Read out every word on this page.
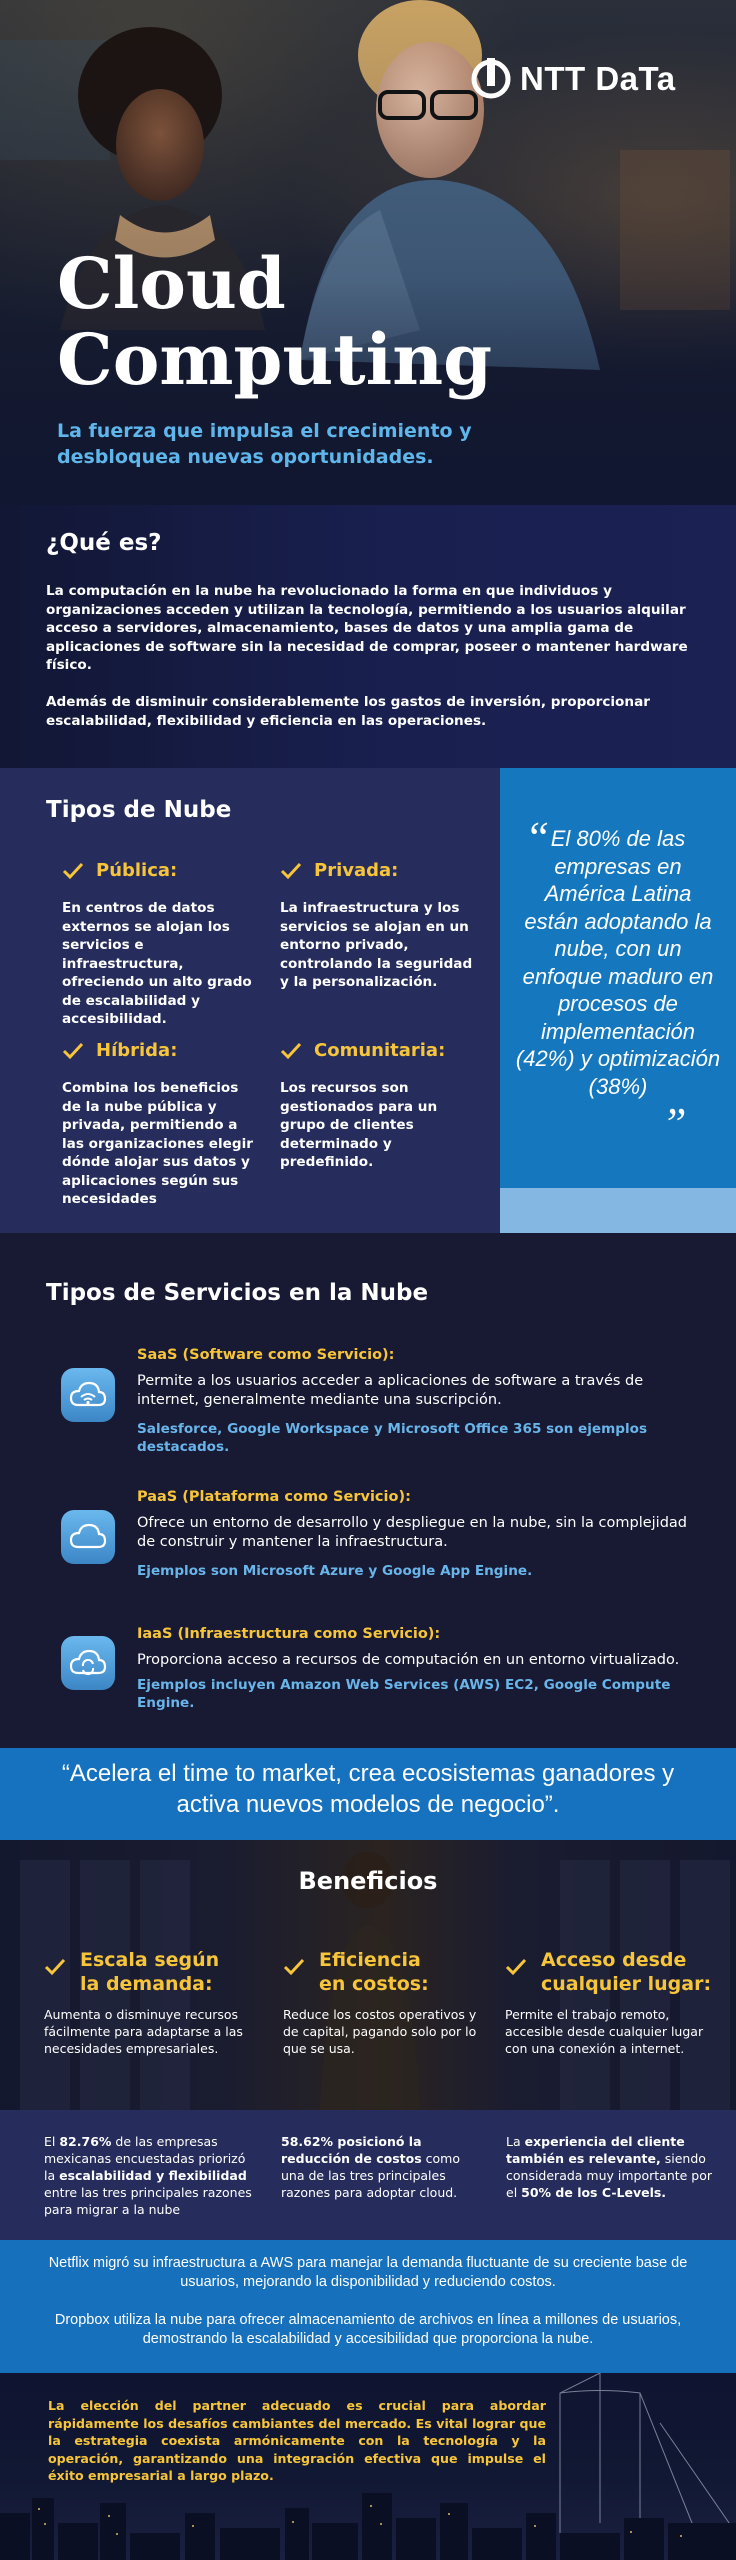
NTT DaTa
Cloud
Computing
La fuerza que impulsa el crecimiento y desbloquea nuevas oportunidades.
¿Qué es?
La computación en la nube ha revolucionado la forma en que individuos y organizaciones acceden y utilizan la tecnología, permitiendo a los usuarios alquilar acceso a servidores, almacenamiento, bases de datos y una amplia gama de aplicaciones de software sin la necesidad de comprar, poseer o mantener hardware físico.
Además de disminuir considerablemente los gastos de inversión, proporcionar escalabilidad, flexibilidad y eficiencia en las operaciones.
Tipos de Nube
Pública:
En centros de datos externos se alojan los servicios e infraestructura, ofreciendo un alto grado de escalabilidad y accesibilidad.
Privada:
La infraestructura y los servicios se alojan en un entorno privado, controlando la seguridad y la personalización.
Híbrida:
Combina los beneficios de la nube pública y privada, permitiendo a las organizaciones elegir dónde alojar sus datos y aplicaciones según sus necesidades
Comunitaria:
Los recursos son gestionados para un grupo de clientes determinado y predefinido.
“ El 80% de las empresas en América Latina están adoptando la nube, con un enfoque maduro en procesos de implementación (42%) y optimización (38%)
”
Tipos de Servicios en la Nube
SaaS (Software como Servicio):
Permite a los usuarios acceder a aplicaciones de software a través de internet, generalmente mediante una suscripción.
Salesforce, Google Workspace y Microsoft Office 365 son ejemplos destacados.
PaaS (Plataforma como Servicio):
Ofrece un entorno de desarrollo y despliegue en la nube, sin la complejidad de construir y mantener la infraestructura.
Ejemplos son Microsoft Azure y Google App Engine.
IaaS (Infraestructura como Servicio):
Proporciona acceso a recursos de computación en un entorno virtualizado.
Ejemplos incluyen Amazon Web Services (AWS) EC2, Google Compute Engine.
“Acelera el time to market, crea ecosistemas ganadores y activa nuevos modelos de negocio”.
Beneficios
Escala según
la demanda:
Aumenta o disminuye recursos fácilmente para adaptarse a las necesidades empresariales.
Eficiencia
en costos:
Reduce los costos operativos y de capital, pagando solo por lo que se usa.
Acceso desde
cualquier lugar:
Permite el trabajo remoto, accesible desde cualquier lugar con una conexión a internet.
El 82.76% de las empresas mexicanas encuestadas priorizó la escalabilidad y flexibilidad entre las tres principales razones para migrar a la nube
58.62% posicionó la reducción de costos como una de las tres principales razones para adoptar cloud.
La experiencia del cliente también es relevante, siendo considerada muy importante por el 50% de los C-Levels.
Netflix migró su infraestructura a AWS para manejar la demanda fluctuante de su creciente base de usuarios, mejorando la disponibilidad y reduciendo costos.
Dropbox utiliza la nube para ofrecer almacenamiento de archivos en línea a millones de usuarios, demostrando la escalabilidad y accesibilidad que proporciona la nube.
La elección del partner adecuado es crucial para abordar rápidamente los desafíos cambiantes del mercado. Es vital lograr que la estrategia coexista armónicamente con la tecnología y la operación, garantizando una integración efectiva que impulse el éxito empresarial a largo plazo.
